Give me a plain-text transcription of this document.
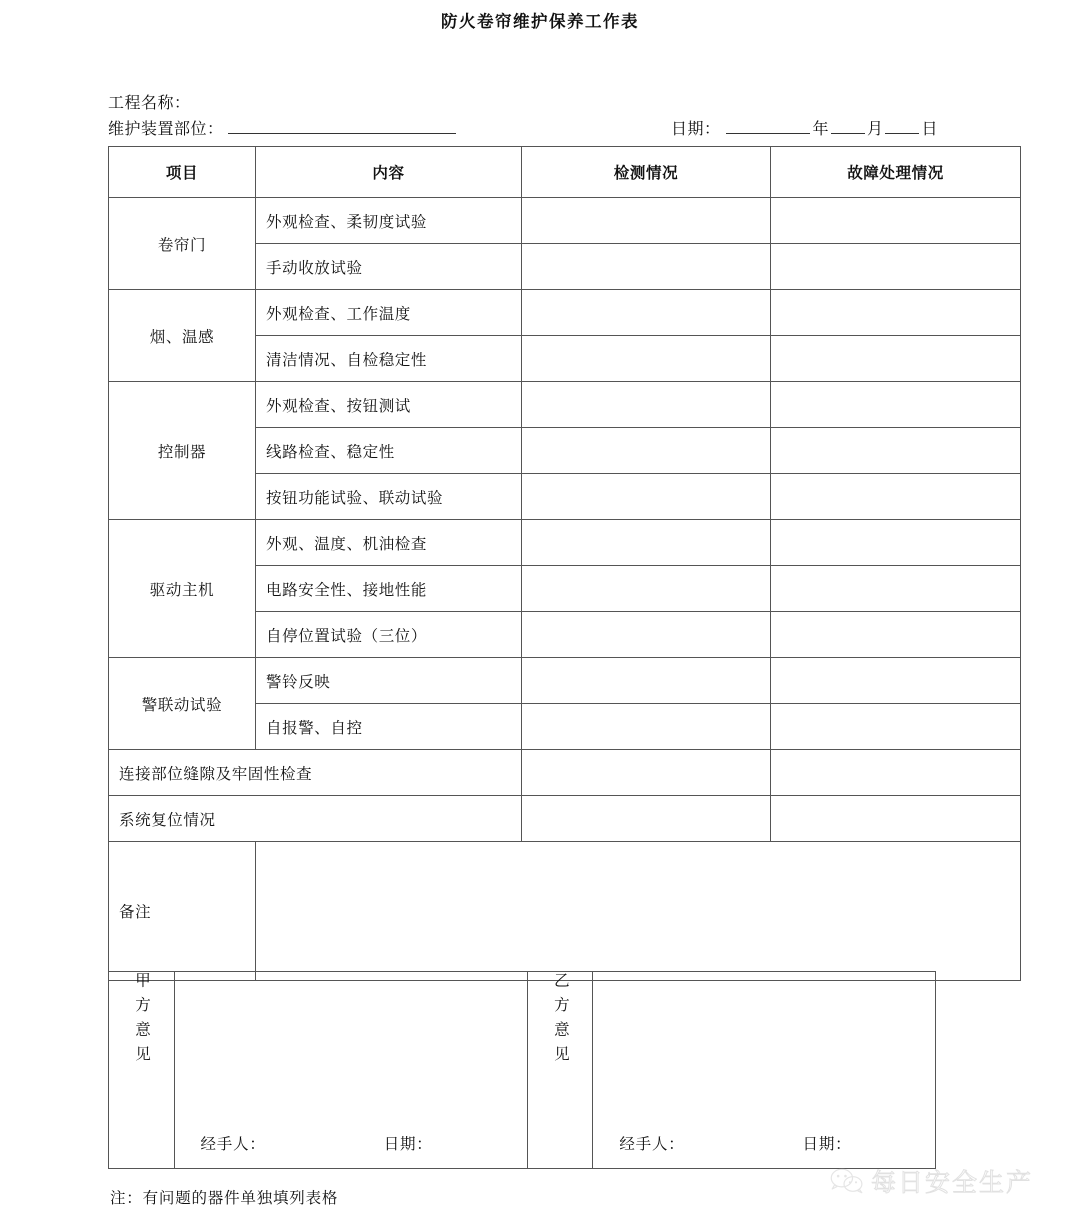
防火卷帘维护保养工作表
工程名称：
维护装置部位：	日期：	年 月 日
项目	内容	检测情况	故障处理情况
卷帘门	外观检查、柔韧度试验		
	手动收放试验		
烟、温感	外观检查、工作温度		
	清洁情况、自检稳定性		
控制器	外观检查、按钮测试		
	线路检查、稳定性		
	按钮功能试验、联动试验		
驱动主机	外观、温度、机油检查		
	电路安全性、接地性能		
	自停位置试验（三位）		
警联动试验	警铃反映		
	自报警、自控		
连接部位缝隙及牢固性检查			
系统复位情况			
备注			
甲方意见	
经手人：	日期：
	乙方意见	
经手人：	日期：
注：有问题的器件单独填列表格
每日安全生产
